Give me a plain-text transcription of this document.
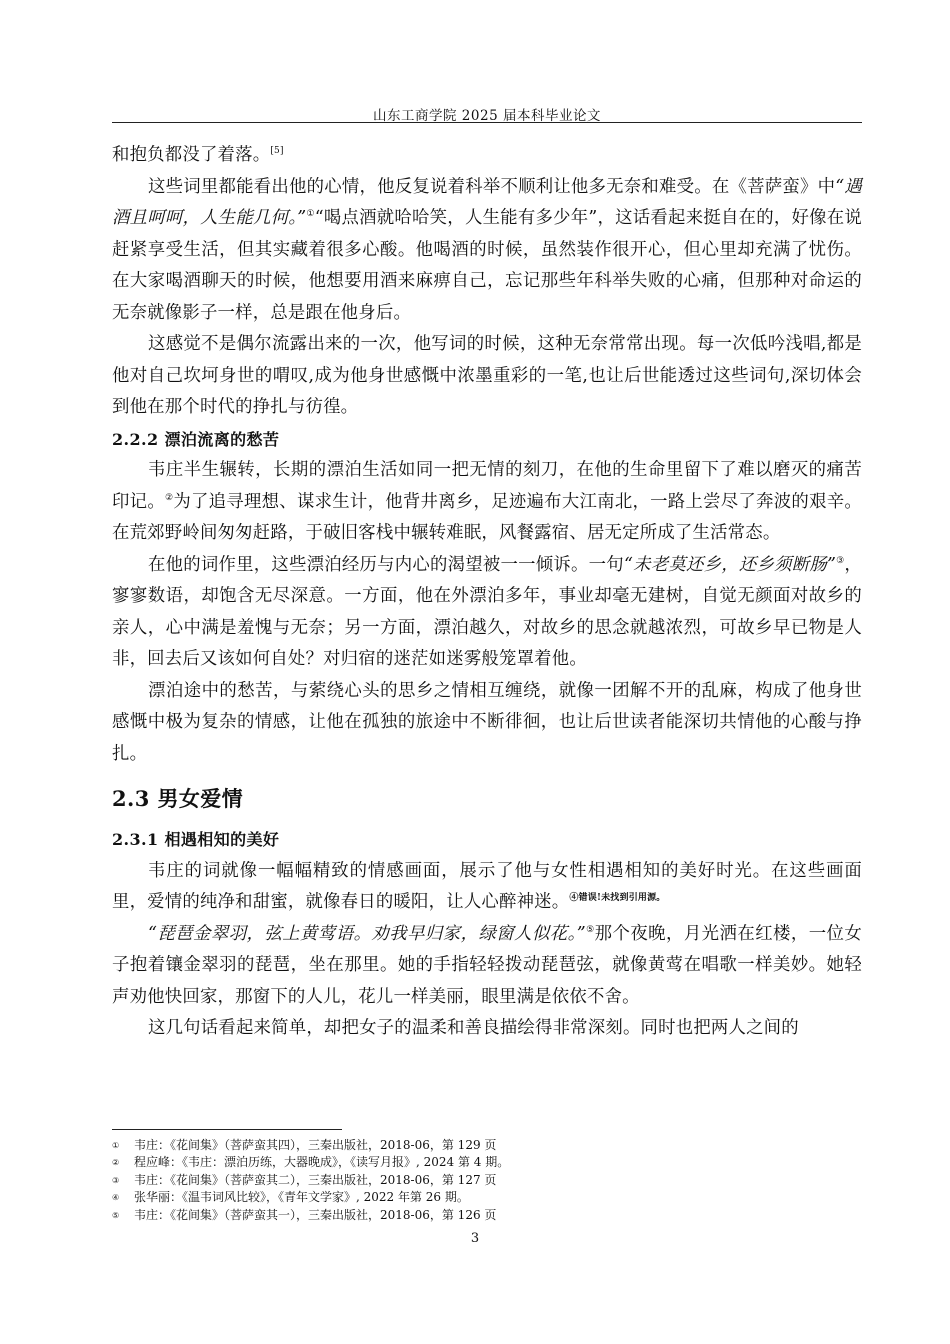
山东工商学院 2025 届本科毕业论文

和抱负都没了着落。[5]

这些词里都能看出他的心情，他反复说着科举不顺利让他多无奈和难受。在《菩萨蛮》中“遇酒且呵呵，人生能几何。”①“喝点酒就哈哈笑，人生能有多少年”，这话看起来挺自在的，好像在说赶紧享受生活，但其实藏着很多心酸。他喝酒的时候，虽然装作很开心，但心里却充满了忧伤。在大家喝酒聊天的时候，他想要用酒来麻痹自己，忘记那些年科举失败的心痛，但那种对命运的无奈就像影子一样，总是跟在他身后。

这感觉不是偶尔流露出来的一次，他写词的时候，这种无奈常常出现。每一次低吟浅唱,都是他对自己坎坷身世的喟叹,成为他身世感慨中浓墨重彩的一笔,也让后世能透过这些词句,深切体会到他在那个时代的挣扎与彷徨。

2.2.2 漂泊流离的愁苦

韦庄半生辗转，长期的漂泊生活如同一把无情的刻刀，在他的生命里留下了难以磨灭的痛苦印记。②为了追寻理想、谋求生计，他背井离乡，足迹遍布大江南北，一路上尝尽了奔波的艰辛。在荒郊野岭间匆匆赶路，于破旧客栈中辗转难眠，风餐露宿、居无定所成了生活常态。

在他的词作里，这些漂泊经历与内心的渴望被一一倾诉。一句“未老莫还乡，还乡须断肠”③，寥寥数语，却饱含无尽深意。一方面，他在外漂泊多年，事业却毫无建树，自觉无颜面对故乡的亲人，心中满是羞愧与无奈；另一方面，漂泊越久，对故乡的思念就越浓烈，可故乡早已物是人非，回去后又该如何自处？对归宿的迷茫如迷雾般笼罩着他。

漂泊途中的愁苦，与萦绕心头的思乡之情相互缠绕，就像一团解不开的乱麻，构成了他身世感慨中极为复杂的情感，让他在孤独的旅途中不断徘徊，也让后世读者能深切共情他的心酸与挣扎。

2.3 男女爱情

2.3.1 相遇相知的美好

韦庄的词就像一幅幅精致的情感画面，展示了他与女性相遇相知的美好时光。在这些画面里，爱情的纯净和甜蜜，就像春日的暖阳，让人心醉神迷。$^{④错误!未找到引用源。}$

“琵琶金翠羽，弦上黄莺语。劝我早归家，绿窗人似花。”⑤那个夜晚，月光洒在红楼，一位女子抱着镶金翠羽的琵琶，坐在那里。她的手指轻轻拨动琵琶弦，就像黄莺在唱歌一样美妙。她轻声劝他快回家，那窗下的人儿，花儿一样美丽，眼里满是依依不舍。

这几句话看起来简单，却把女子的温柔和善良描绘得非常深刻。同时也把两人之间的

①	韦庄：《花间集》（菩萨蛮其四），三秦出版社，2018-06，第 129 页
②	程应峰：《韦庄：漂泊历练，大器晚成》，《读写月报》, 2024 第 4 期。
③	韦庄：《花间集》（菩萨蛮其二），三秦出版社，2018-06，第 127 页
④	张华丽：《温韦词风比较》，《青年文学家》, 2022 年第 26 期。
⑤	韦庄：《花间集》（菩萨蛮其一），三秦出版社，2018-06，第 126 页
3
